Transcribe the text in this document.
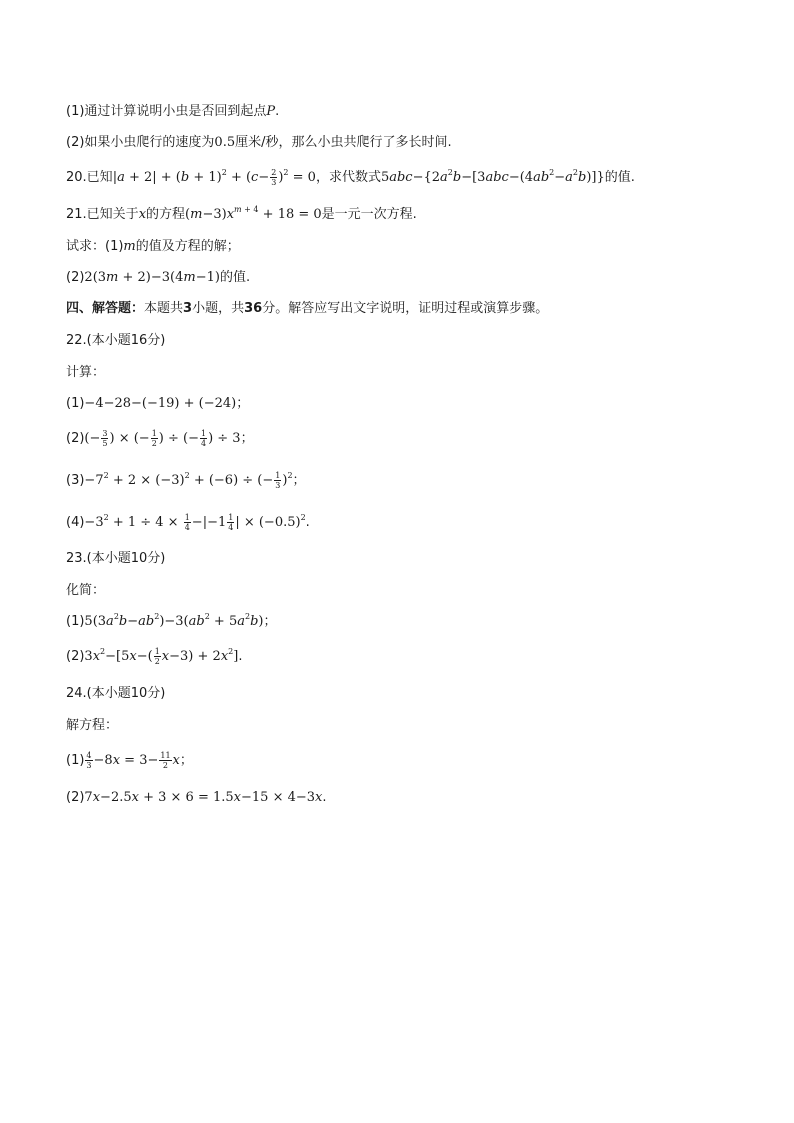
(1)通过计算说明小虫是否回到起点P.
(2)如果小虫爬行的速度为0.5厘米/秒，那么小虫共爬行了多长时间.
20.已知$|a + 2| + (b + 1)^2 + (c- \frac{2}{3} )^2 = 0$，求代数式$5abc-\{2a^2b-[3abc-(4ab^2-a^2b)]\}$的值.
21.已知关于x的方程$(m-3)x^{m + 4} + 18 = 0$是一元一次方程.
试求：(1)m的值及方程的解；
(2)2(3m + 2)−3(4m−1)的值.
四、解答题：本题共3小题，共36分。解答应写出文字说明，证明过程或演算步骤。
22.(本小题16分)
计算：
(1)−4−28−(−19) + (−24)；
$(2)(- \frac{3}{5}$ ) × (− $\frac{1}{2}$ ) ÷ (− $\frac{1}{4}$ ) ÷ 3；
$(3)-7^2 + 2 \times (-3)^2 + (-6)$ ÷ (− $\frac{1}{3} )^2$；
$(4)-3^2 + 1 \div 4 \times \frac{1}{4} -|-1 \frac{1}{4}$ | × $(-0.5)^2$.
23.(本小题10分)
化简：
$(1)5(3a^2b-ab^2)-3(ab^2 + 5a^2b)$；
$(2)3x^2-[5x-( \frac{1}{2} x-3) + 2x^2]$.
24.(本小题10分)
解方程：
$(1) \frac{4}{3} -8x = 3- \frac{11}{2}$ x；
(2)7x−2.5x + 3 × 6 = 1.5x−15 × 4−3x.
